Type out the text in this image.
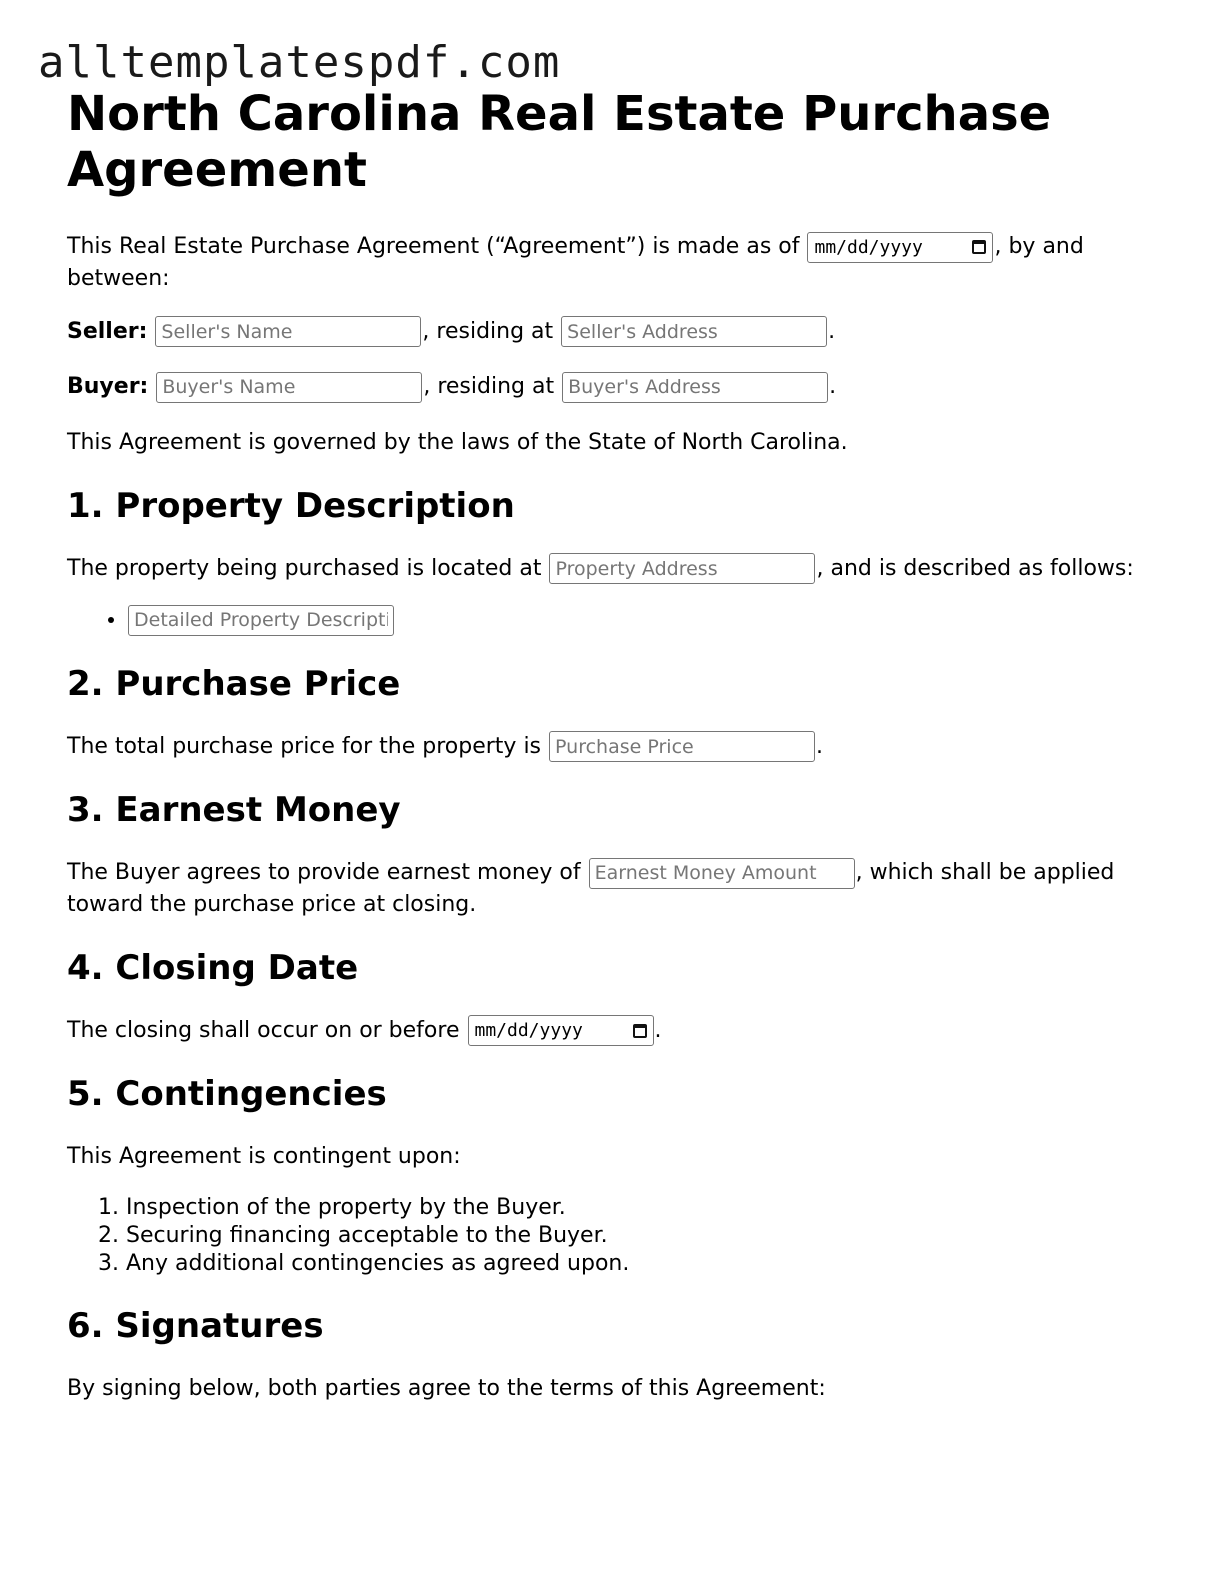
alltemplatespdf.com
North Carolina Real Estate Purchase Agreement

This Real Estate Purchase Agreement (“Agreement”) is made as of mm/dd/yyyy	, by and between:

Seller: Seller's Name	, residing at Seller's Address	.

Buyer: Buyer's Name	, residing at Buyer's Address	.

This Agreement is governed by the laws of the State of North Carolina.

1. Property Description

The property being purchased is located at Property Address	, and is described as follows:

• Detailed Property Description
2. Purchase Price

The total purchase price for the property is Purchase Price	.

3. Earnest Money

The Buyer agrees to provide earnest money of Earnest Money Amount	, which shall be applied toward the purchase price at closing.

4. Closing Date

The closing shall occur on or before mm/dd/yyyy	.

5. Contingencies

This Agreement is contingent upon:

1. Inspection of the property by the Buyer.
2. Securing financing acceptable to the Buyer.
3. Any additional contingencies as agreed upon.
6. Signatures

By signing below, both parties agree to the terms of this Agreement:
